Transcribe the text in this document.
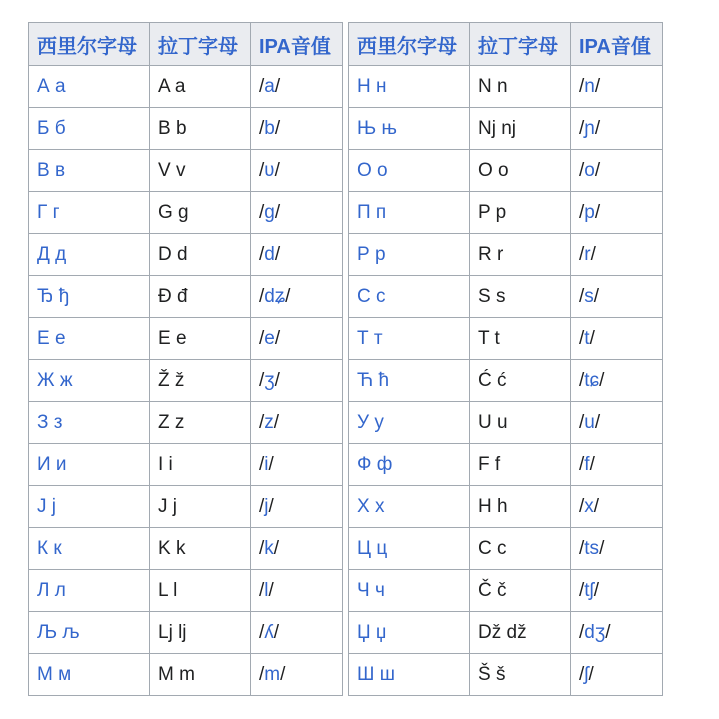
西里尔字母	拉丁字母	IPA音值
А а	A a	/a/
Б б	B b	/b/
В в	V v	/ʋ/
Г г	G g	/ɡ/
Д д	D d	/d/
Ђ ђ	Đ đ	/dʑ/
Е е	E e	/e/
Ж ж	Ž ž	/ʒ/
З з	Z z	/z/
И и	I i	/i/
Ј ј	J j	/j/
К к	K k	/k/
Л л	L l	/l/
Љ љ	Lj lj	/ʎ/
М м	M m	/m/
西里尔字母	拉丁字母	IPA音值
Н н	N n	/n/
Њ њ	Nj nj	/ɲ/
О о	O o	/o/
П п	P p	/p/
Р р	R r	/r/
С с	S s	/s/
Т т	T t	/t/
Ћ ћ	Ć ć	/tɕ/
У у	U u	/u/
Ф ф	F f	/f/
Х х	H h	/x/
Ц ц	C c	/ts/
Ч ч	Č č	/tʃ/
Џ џ	Dž dž	/dʒ/
Ш ш	Š š	/ʃ/
